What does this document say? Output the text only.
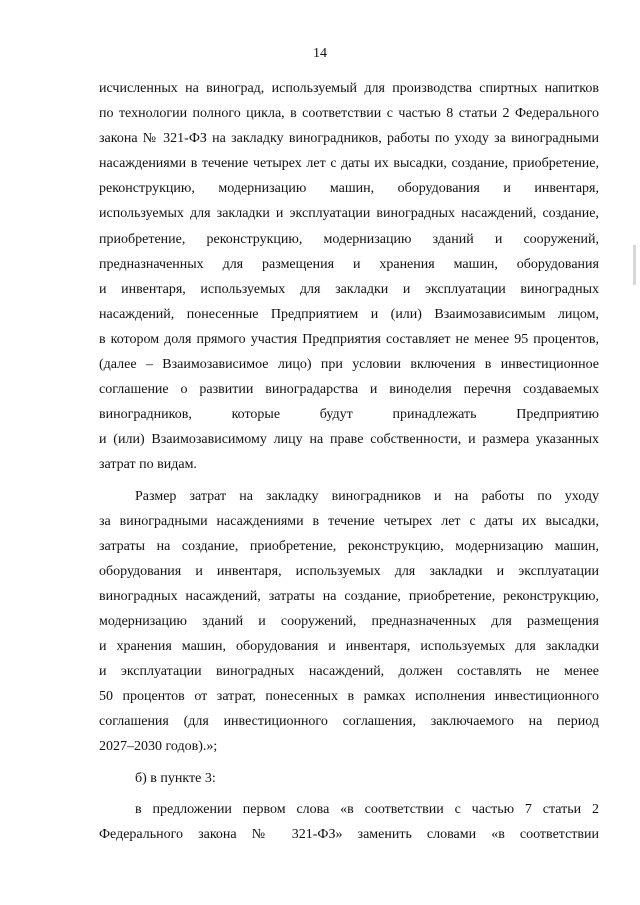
14
исчисленных на виноград, используемый для производства спиртных напитков
по технологии полного цикла, в соответствии с частью 8 статьи 2 Федерального
закона № 321-ФЗ на закладку виноградников, работы по уходу за виноградными
насаждениями в течение четырех лет с даты их высадки, создание, приобретение,
реконструкцию, модернизацию машин, оборудования и инвентаря,
используемых для закладки и эксплуатации виноградных насаждений, создание,
приобретение, реконструкцию, модернизацию зданий и сооружений,
предназначенных для размещения и хранения машин, оборудования
и инвентаря, используемых для закладки и эксплуатации виноградных
насаждений, понесенные Предприятием и (или) Взаимозависимым лицом,
в котором доля прямого участия Предприятия составляет не менее 95 процентов,
(далее – Взаимозависимое лицо) при условии включения в инвестиционное
соглашение о развитии виноградарства и виноделия перечня создаваемых
виноградников, которые будут принадлежать Предприятию
и (или) Взаимозависимому лицу на праве собственности, и размера указанных
затрат по видам.
Размер затрат на закладку виноградников и на работы по уходу
за виноградными насаждениями в течение четырех лет с даты их высадки,
затраты на создание, приобретение, реконструкцию, модернизацию машин,
оборудования и инвентаря, используемых для закладки и эксплуатации
виноградных насаждений, затраты на создание, приобретение, реконструкцию,
модернизацию зданий и сооружений, предназначенных для размещения
и хранения машин, оборудования и инвентаря, используемых для закладки
и эксплуатации виноградных насаждений, должен составлять не менее
50 процентов от затрат, понесенных в рамках исполнения инвестиционного
соглашения (для инвестиционного соглашения, заключаемого на период
2027–2030 годов).»;
б) в пункте 3:
в предложении первом слова «в соответствии с частью 7 статьи 2
Федерального закона № 321-ФЗ» заменить словами «в соответствии
